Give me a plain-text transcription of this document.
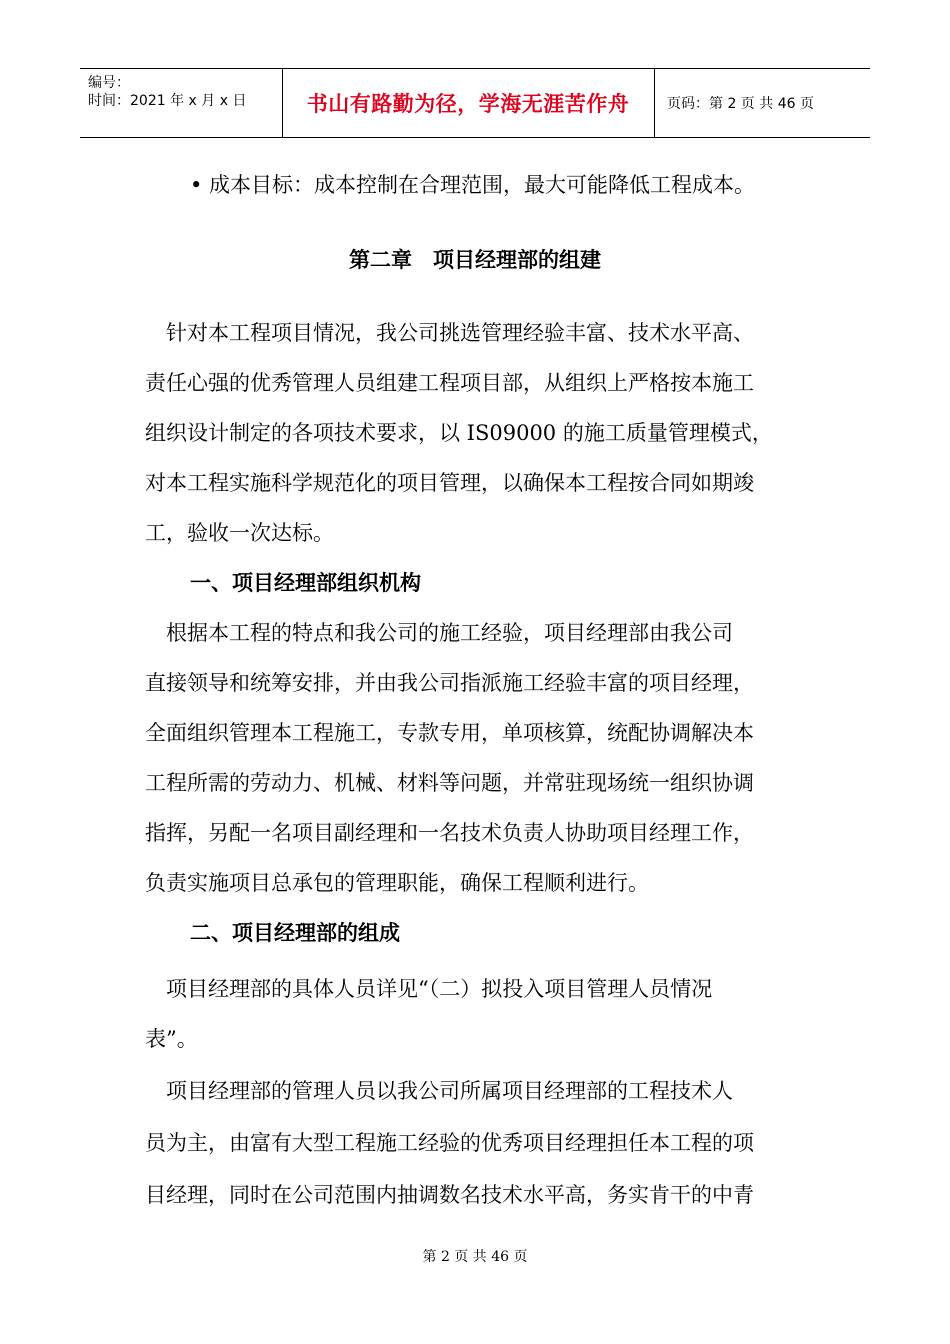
编号：
时间：2021 年 x 月 x 日	书山有路勤为径，学海无涯苦作舟	页码：第 2 页 共 46 页
• 成本目标：成本控制在合理范围，最大可能降低工程成本。
第二章　项目经理部的组建
　针对本工程项目情况，我公司挑选管理经验丰富、技术水平高、
责任心强的优秀管理人员组建工程项目部，从组织上严格按本施工
组织设计制定的各项技术要求，以 IS09000 的施工质量管理模式，
对本工程实施科学规范化的项目管理，以确保本工程按合同如期竣
工，验收一次达标。
一、项目经理部组织机构
　根据本工程的特点和我公司的施工经验，项目经理部由我公司
直接领导和统筹安排，并由我公司指派施工经验丰富的项目经理，
全面组织管理本工程施工，专款专用，单项核算，统配协调解决本
工程所需的劳动力、机械、材料等问题，并常驻现场统一组织协调
指挥，另配一名项目副经理和一名技术负责人协助项目经理工作，
负责实施项目总承包的管理职能，确保工程顺利进行。
二、项目经理部的组成
　项目经理部的具体人员详见“（二）拟投入项目管理人员情况
表”。
　项目经理部的管理人员以我公司所属项目经理部的工程技术人
员为主，由富有大型工程施工经验的优秀项目经理担任本工程的项
目经理，同时在公司范围内抽调数名技术水平高，务实肯干的中青
第 2 页 共 46 页
